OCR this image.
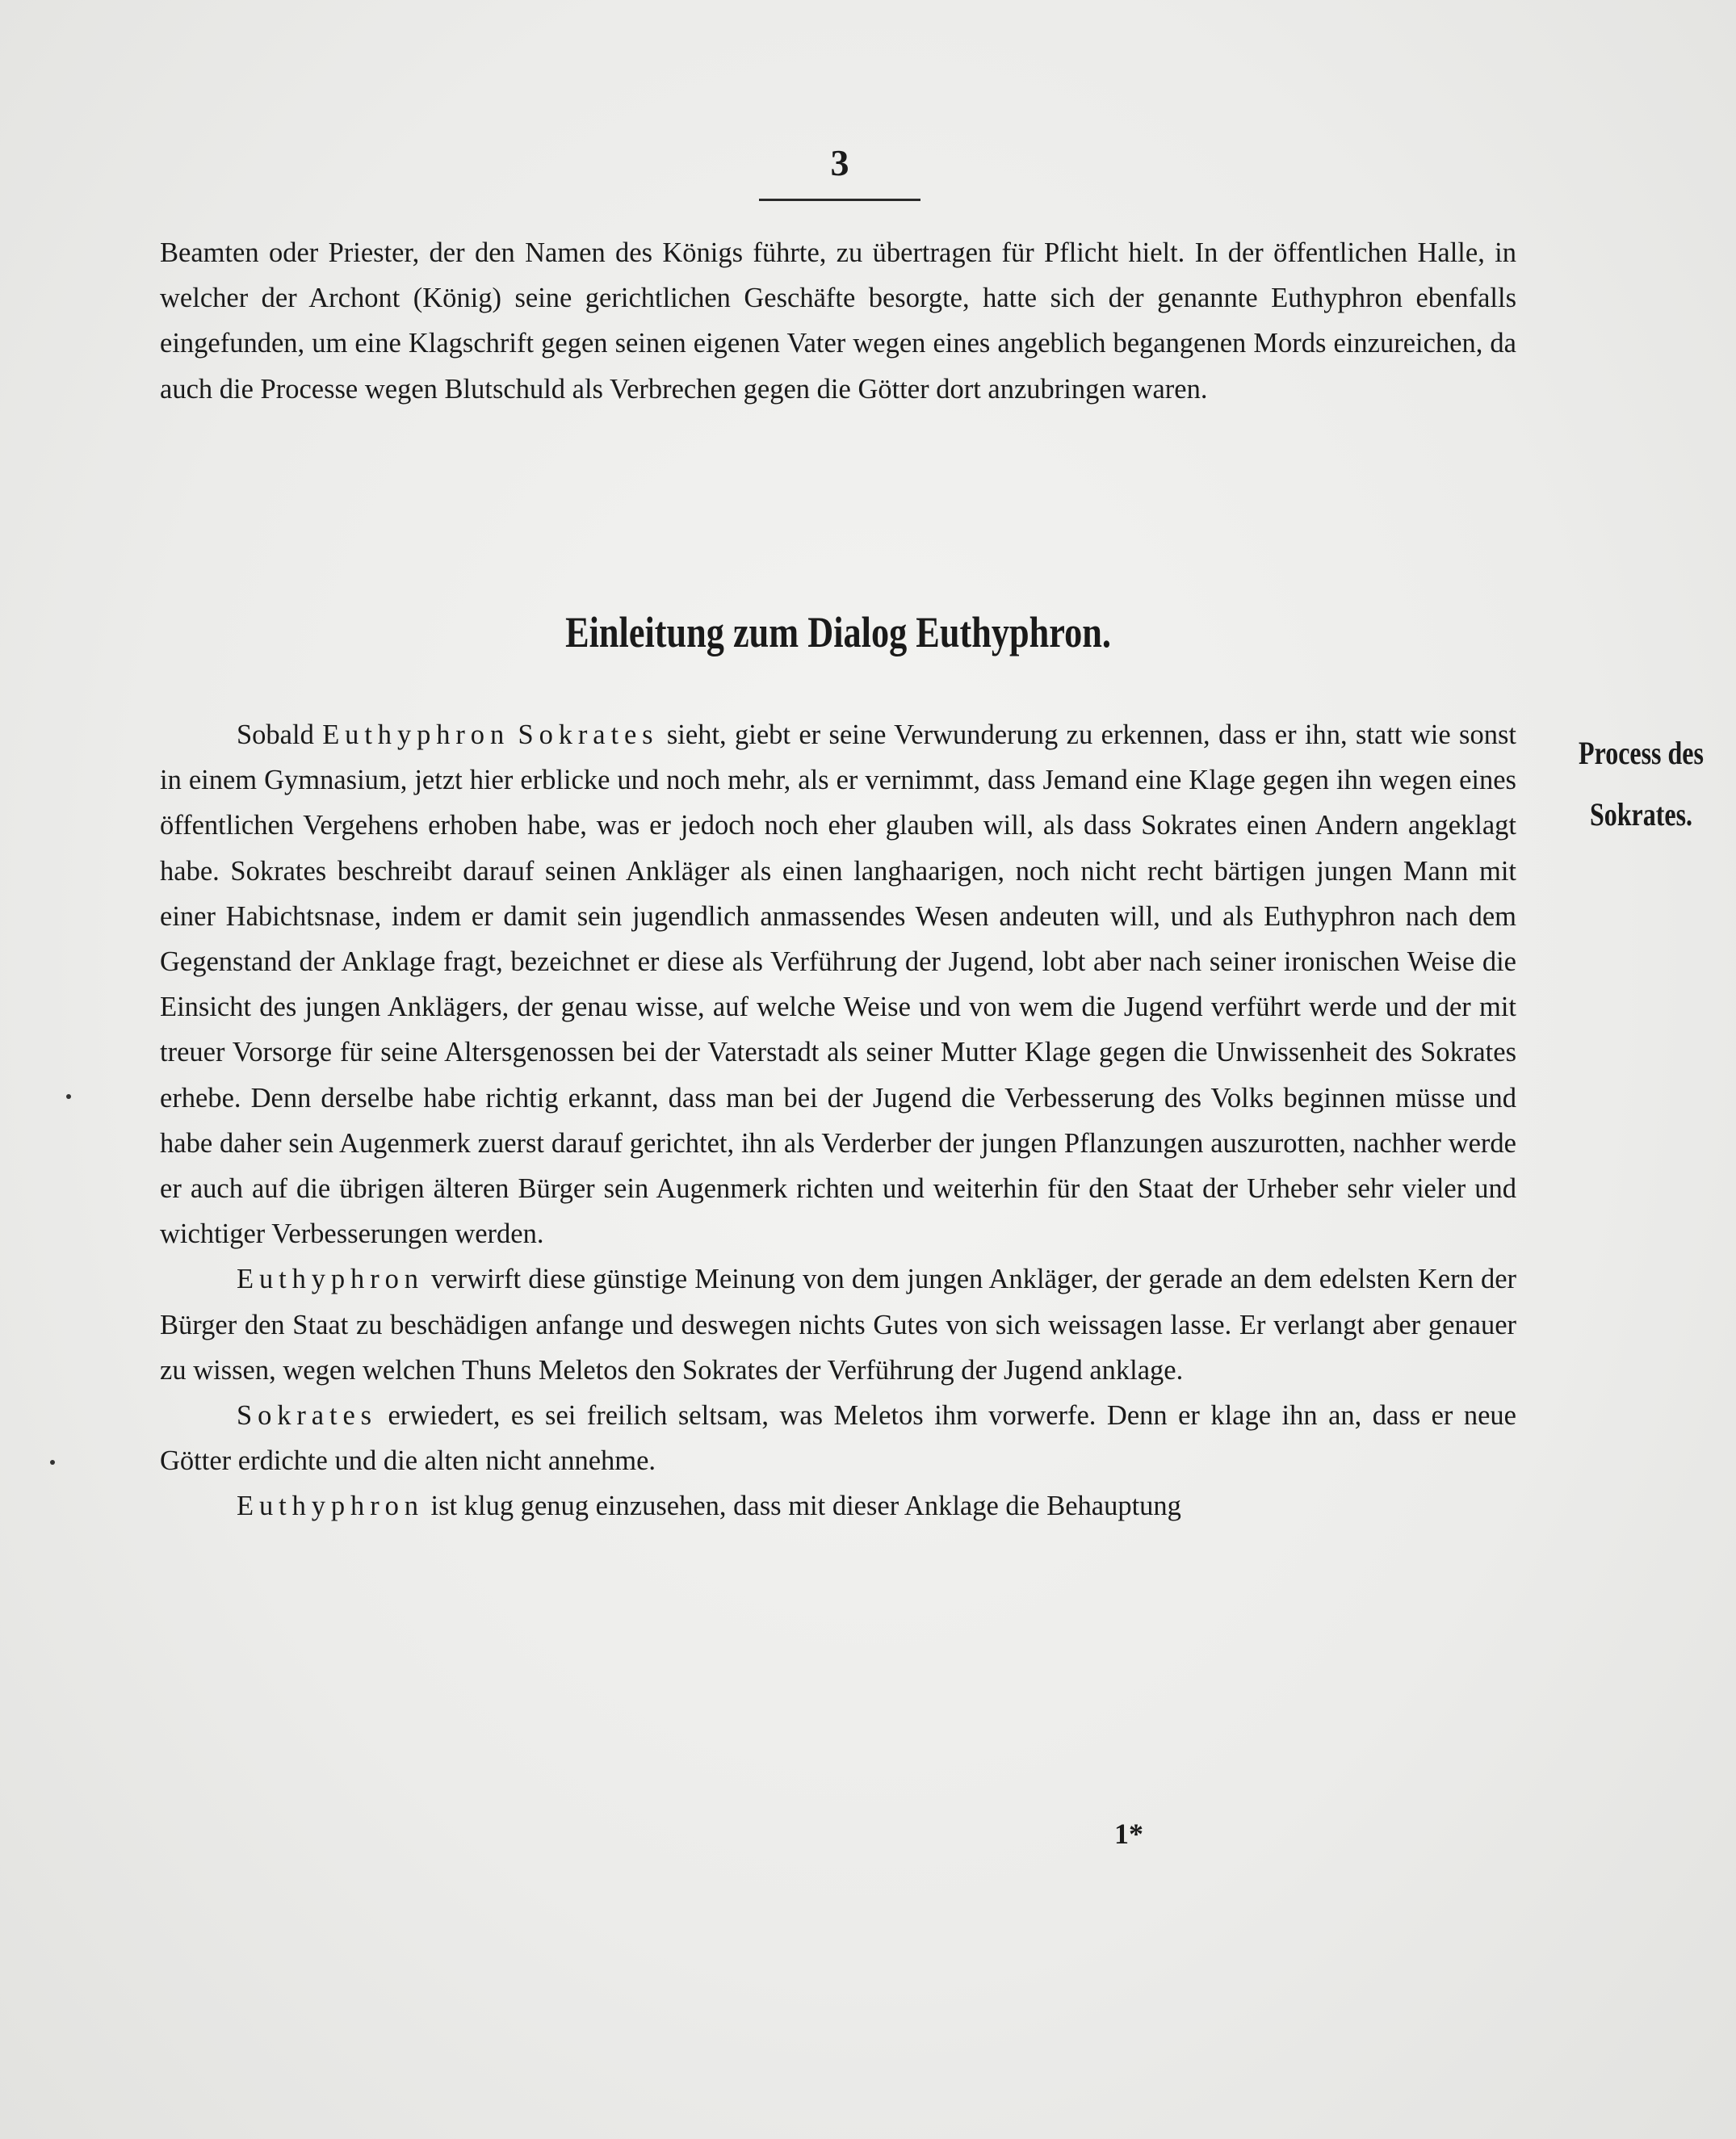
3

Beamten oder Priester, der den Namen des Königs führte, zu übertragen für Pflicht hielt. In der öffentlichen Halle, in welcher der Archont (König) seine gerichtlichen Geschäfte besorgte, hatte sich der genannte Euthyphron ebenfalls eingefunden, um eine Klagschrift gegen seinen eigenen Vater wegen eines angeblich begangenen Mords einzureichen, da auch die Processe wegen Blutschuld als Verbrechen gegen die Götter dort anzubringen waren.

Einleitung zum Dialog Euthyphron.
Process des
Sokrates.

Sobald Euthyphron Sokrates sieht, giebt er seine Verwunderung zu erkennen, dass er ihn, statt wie sonst in einem Gymnasium, jetzt hier erblicke und noch mehr, als er vernimmt, dass Jemand eine Klage gegen ihn wegen eines öffentlichen Vergehens erhoben habe, was er jedoch noch eher glauben will, als dass Sokrates einen Andern angeklagt habe. Sokrates beschreibt darauf seinen Ankläger als einen langhaarigen, noch nicht recht bärtigen jungen Mann mit einer Habichtsnase, indem er damit sein jugendlich anmassendes Wesen andeuten will, und als Euthyphron nach dem Gegenstand der Anklage fragt, bezeichnet er diese als Verführung der Jugend, lobt aber nach seiner ironischen Weise die Einsicht des jungen Anklägers, der genau wisse, auf welche Weise und von wem die Jugend verführt werde und der mit treuer Vorsorge für seine Altersgenossen bei der Vaterstadt als seiner Mutter Klage gegen die Unwissenheit des Sokrates erhebe. Denn derselbe habe richtig erkannt, dass man bei der Jugend die Verbesserung des Volks beginnen müsse und habe daher sein Augenmerk zuerst darauf gerichtet, ihn als Verderber der jungen Pflanzungen auszurotten, nachher werde er auch auf die übrigen älteren Bürger sein Augenmerk richten und weiterhin für den Staat der Urheber sehr vieler und wichtiger Verbesserungen werden.

Euthyphron verwirft diese günstige Meinung von dem jungen Ankläger, der gerade an dem edelsten Kern der Bürger den Staat zu beschädigen anfange und deswegen nichts Gutes von sich weissagen lasse. Er verlangt aber genauer zu wissen, wegen welchen Thuns Meletos den Sokrates der Verführung der Jugend anklage.

Sokrates erwiedert, es sei freilich seltsam, was Meletos ihm vorwerfe. Denn er klage ihn an, dass er neue Götter erdichte und die alten nicht annehme.

Euthyphron ist klug genug einzusehen, dass mit dieser Anklage die Behauptung

1*
